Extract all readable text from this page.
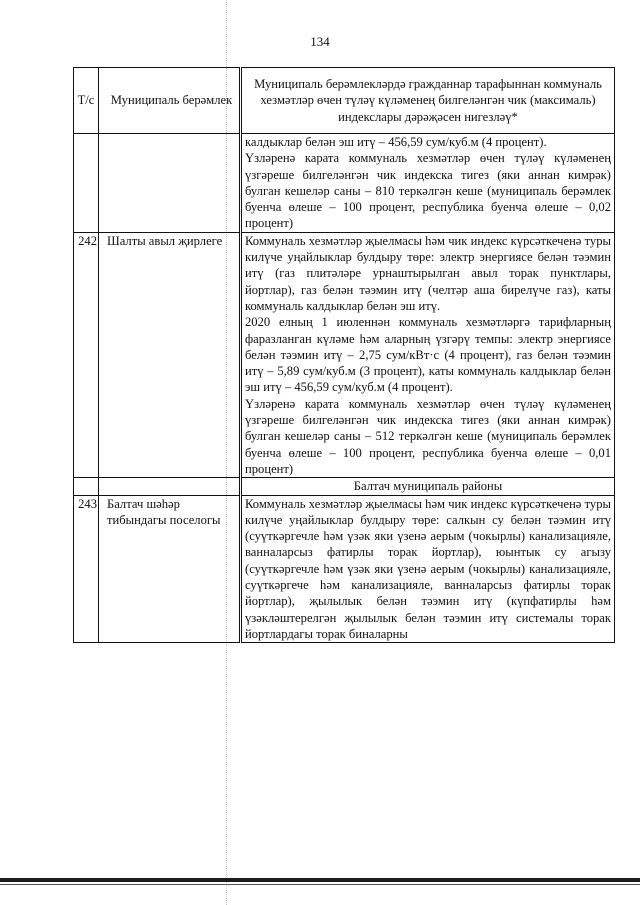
134
Т/с	Муниципаль берәмлек	Муниципаль берәмлекләрдә гражданнар тарафыннан коммуналь хезмәтләр өчен түләү күләменең билгеләнгән чик (максималь) индекслары дәрәҗәсен нигезләү*

		калдыклар белән эш итү – 456,59 сум/куб.м (4 процент).

Үзләренә карата коммуналь хезмәтләр өчен түләү күләменең үзгәреше билгеләнгән чик индекска тигез (яки аннан кимрәк) булган кешеләр саны – 810 теркәлгән кеше (муниципаль берәмлек буенча өлеше – 100 процент, республика буенча өлеше – 0,02 процент)

242	Шалты авыл җирлеге	Коммуналь хезмәтләр җыелмасы һәм чик индекс күрсәткеченә туры килүче уңайлыклар булдыру төре: электр энергиясе белән тәэмин итү (газ плитәләре урнаштырылган авыл торак пунктлары, йортлар), газ белән тәэмин итү (челтәр аша бирелүче газ), каты коммуналь калдыклар белән эш итү.

2020 елның 1 июленнән коммуналь хезмәтләргә тарифларның фаразланган күләме һәм аларның үзгәрү темпы: электр энергиясе белән тәэмин итү – 2,75 сум/кВт·с (4 процент), газ белән тәэмин итү – 5,89 сум/куб.м (3 процент), каты коммуналь калдыклар белән эш итү – 456,59 сум/куб.м (4 процент).

Үзләренә карата коммуналь хезмәтләр өчен түләү күләменең үзгәреше билгеләнгән чик индекска тигез (яки аннан кимрәк) булган кешеләр саны – 512 теркәлгән кеше (муниципаль берәмлек буенча өлеше – 100 процент, республика буенча өлеше – 0,01 процент)

		Балтач муниципаль районы
243	Балтач шәһәр тибындагы поселогы	Коммуналь хезмәтләр җыелмасы һәм чик индекс күрсәткеченә туры килүче уңайлыклар булдыру төре: салкын су белән тәэмин итү (суүткәргечле һәм үзәк яки үзенә аерым (чокырлы) канализацияле, ванналарсыз фатирлы торак йортлар), юынтык су агызу (суүткәргечле һәм үзәк яки үзенә аерым (чокырлы) канализацияле, суүткәргече һәм канализацияле, ванналарсыз фатирлы торак йортлар), җылылык белән тәэмин итү (күпфатирлы һәм үзәкләштерелгән җылылык белән тәэмин итү системалы торак йортлардагы торак биналарны
